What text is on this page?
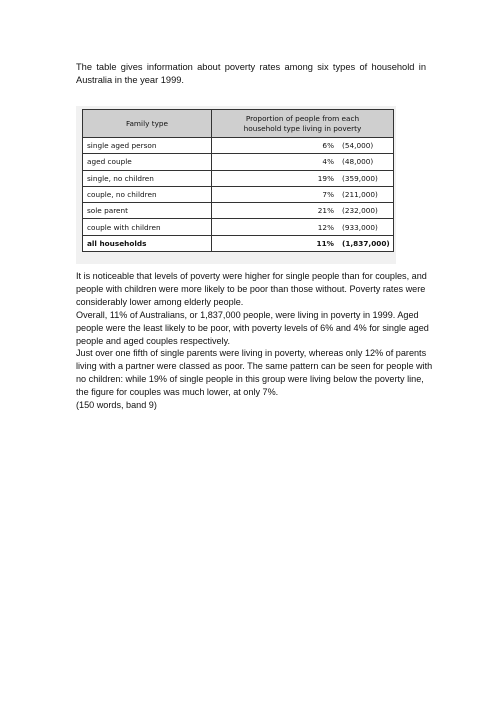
The table gives information about poverty rates among six types of household in Australia in the year 1999.
Family type	Proportion of people from each
household type living in poverty
single aged person	6% (54,000)
aged couple	4% (48,000)
single, no children	19% (359,000)
couple, no children	7% (211,000)
sole parent	21% (232,000)
couple with children	12% (933,000)
all households	11% (1,837,000)

It is noticeable that levels of poverty were higher for single people than for couples, and people with children were more likely to be poor than those without. Poverty rates were considerably lower among elderly people.

Overall, 11% of Australians, or 1,837,000 people, were living in poverty in 1999. Aged people were the least likely to be poor, with poverty levels of 6% and 4% for single aged people and aged couples respectively.

Just over one fifth of single parents were living in poverty, whereas only 12% of parents living with a partner were classed as poor. The same pattern can be seen for people with no children: while 19% of single people in this group were living below the poverty line, the figure for couples was much lower, at only 7%.

(150 words, band 9)
